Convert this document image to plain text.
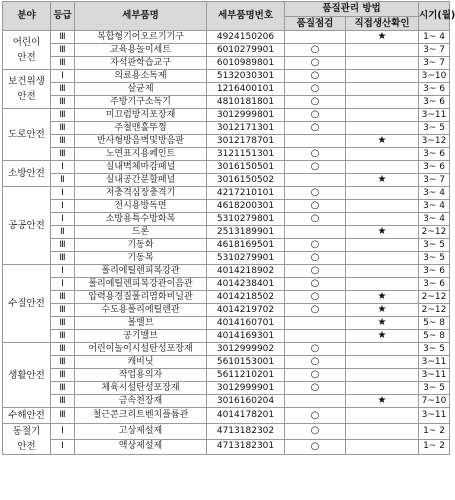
분야	등급	세부품명	세부품명번호	품질관리 방법		시기(월)
				품질점검	직접생산확인	
어린이
안전	Ⅲ	복합형기어오르기기구	4924150206		★	1~ 4
	Ⅲ	교육용놀이세트	6010279901	○		3~ 7
	Ⅲ	자석판학습교구	6010989801	○		3~ 7
보건위생
안전	Ⅰ	의료용소독제	5132030301	○		3~10
	Ⅲ	살균제	1216400101	○		3~ 6
	Ⅲ	주방기구소독기	4810181801	○		3~ 6
도로안전	Ⅲ	미끄럼방지포장재	3012999801	○		3~11
	Ⅲ	주철맨홀뚜껑	3012171301	○		3~ 5
	Ⅲ	반사형방음벽및방음판	3012178701		★	3~12
	Ⅲ	노면표지용페인트	3121151301	○		3~ 6
소방안전	Ⅰ	실내벽체마감패널	3016150501	○		3~ 6
	Ⅱ	실내공간분할패널	3016150502		★	3~ 7
공공안전	Ⅰ	저충격심장충격기	4217210101	○		3~ 4
	Ⅰ	전시용방독면	4618200301	○		3~ 4
	Ⅰ	소방용특수방화복	5310279801	○		3~ 4
	Ⅱ	드론	2513189901		★	2~12
	Ⅲ	기동화	4618169501	○		3~ 5
	Ⅲ	기동복	5310279901	○		3~ 5
수질안전	Ⅰ	폴리에틸렌피복강관	4014218902	○		3~ 6
	Ⅰ	폴리에틸렌피복강관이음관	4014238401	○		3~ 6
	Ⅲ	압력용경질폴리염화비닐관	4014218502	○	★	2~12
	Ⅲ	수도용폴리에틸렌관	4014219702	○	★	2~12
	Ⅲ	볼밸브	4014160701		★	5~ 8
	Ⅲ	공기밸브	4014169301		★	5~ 8
생활안전	Ⅲ	어린이놀이시설탄성포장재	3012999902	○		3~ 5
	Ⅲ	캐비닛	5610153001	○		3~11
	Ⅲ	작업용의자	5611210201	○		3~11
	Ⅲ	체육시설탄성포장재	3012999901	○		3~ 5
	Ⅲ	금속천장재	3016160204		★	7~10
수해안전	Ⅲ	철근콘크리트벤치플륨관	4014178201	○		3~11
동절기
안전	Ⅰ	고상제설제	4713182302	○		1~ 2
	Ⅰ	액상제설제	4713182301	○		1~ 2
